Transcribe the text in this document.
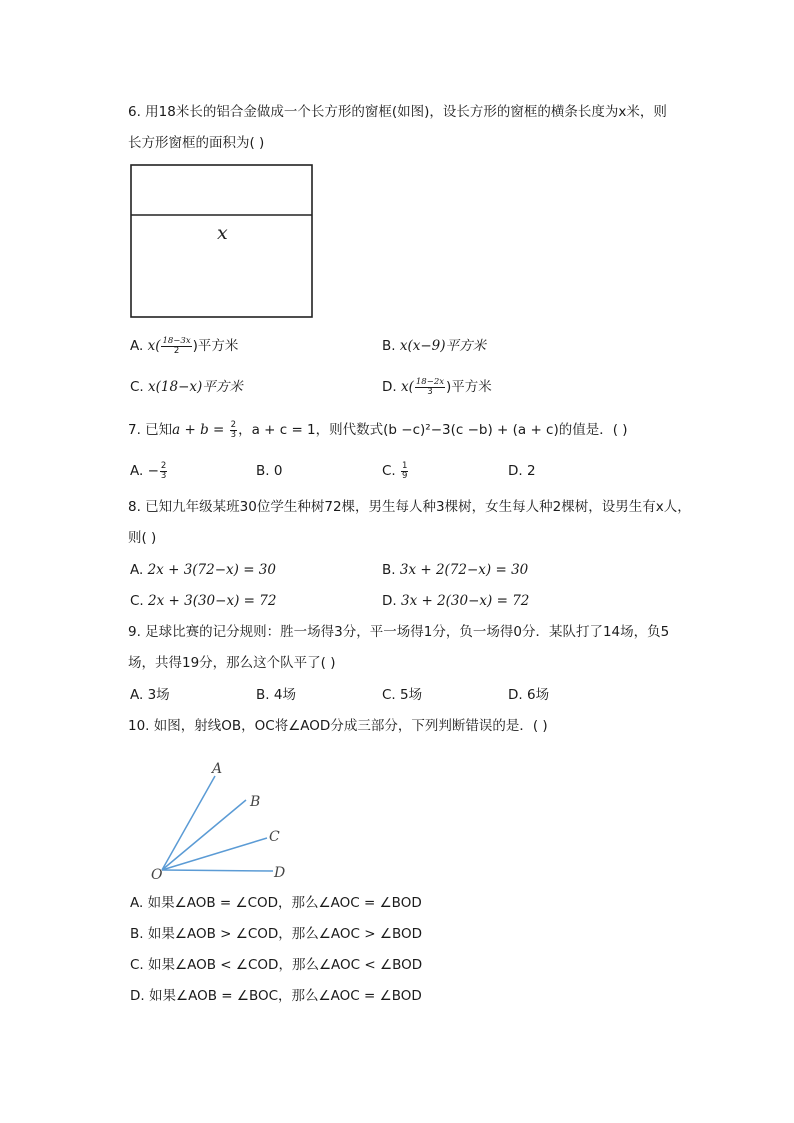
6. 用18米长的铝合金做成一个长方形的窗框(如图)，设长方形的窗框的横条长度为x米，则
长方形窗框的面积为( )
x
A. $x( \frac{18-3x}{2}$ )平方米	B. x(x−9)平方米
C. x(18−x)平方米	D. $x( \frac{18-2x}{3}$ )平方米
7. 已知$a + b = \frac{2}{3}$ ，a + c = 1，则代数式(b −c)²−3(c −b) + (a + c)的值是．( )
A. − $\frac{2}{3}$	B. 0	C. $\frac{1}{9}$	D. 2
8. 已知九年级某班30位学生种树72棵，男生每人种3棵树，女生每人种2棵树，设男生有x人，
则( )
A. 2x + 3(72−x) = 30	B. 3x + 2(72−x) = 30
C. 2x + 3(30−x) = 72	D. 3x + 2(30−x) = 72
9. 足球比赛的记分规则：胜一场得3分，平一场得1分，负一场得0分．某队打了14场，负5
场，共得19分，那么这个队平了( )
A. 3场	B. 4场	C. 5场	D. 6场
10. 如图，射线OB，OC将∠AOD分成三部分，下列判断错误的是．( )
A
B
C
D
O
A. 如果∠AOB = ∠COD，那么∠AOC = ∠BOD
B. 如果∠AOB > ∠COD，那么∠AOC > ∠BOD
C. 如果∠AOB < ∠COD，那么∠AOC < ∠BOD
D. 如果∠AOB = ∠BOC，那么∠AOC = ∠BOD
